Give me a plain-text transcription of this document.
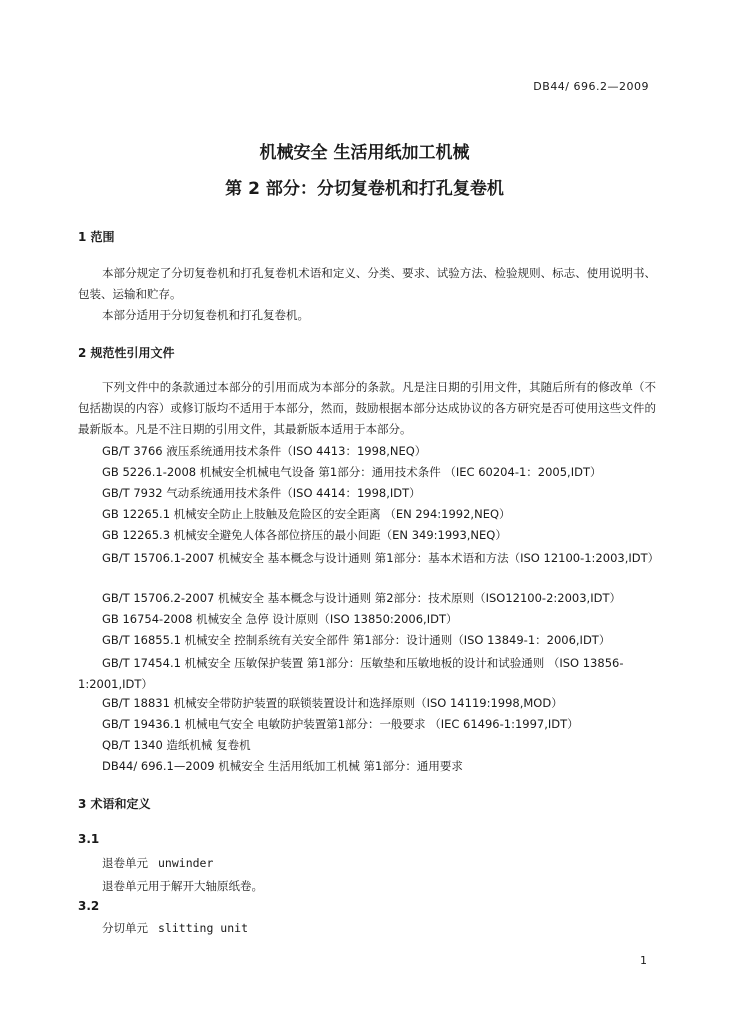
DB44/ 696.2—2009
机械安全 生活用纸加工机械
第 2 部分：分切复卷机和打孔复卷机
1 范围
本部分规定了分切复卷机和打孔复卷机术语和定义、分类、要求、试验方法、检验规则、标志、使用说明书、包装、运输和贮存。
本部分适用于分切复卷机和打孔复卷机。
2 规范性引用文件
下列文件中的条款通过本部分的引用而成为本部分的条款。凡是注日期的引用文件，其随后所有的修改单（不包括勘误的内容）或修订版均不适用于本部分，然而，鼓励根据本部分达成协议的各方研究是否可使用这些文件的最新版本。凡是不注日期的引用文件，其最新版本适用于本部分。
GB/T 3766 液压系统通用技术条件（ISO 4413：1998,NEQ）
GB 5226.1-2008 机械安全机械电气设备 第1部分：通用技术条件 （IEC 60204-1：2005,IDT）
GB/T 7932 气动系统通用技术条件（ISO 4414：1998,IDT）
GB 12265.1 机械安全防止上肢触及危险区的安全距离 （EN 294:1992,NEQ）
GB 12265.3 机械安全避免人体各部位挤压的最小间距（EN 349:1993,NEQ）
GB/T 15706.1-2007 机械安全 基本概念与设计通则 第1部分：基本术语和方法（ISO 12100-1:2003,IDT）
GB/T 15706.2-2007 机械安全 基本概念与设计通则 第2部分：技术原则（ISO12100-2:2003,IDT）
GB 16754-2008 机械安全 急停 设计原则（ISO 13850:2006,IDT）
GB/T 16855.1 机械安全 控制系统有关安全部件 第1部分：设计通则（ISO 13849-1：2006,IDT）
GB/T 17454.1 机械安全 压敏保护装置 第1部分：压敏垫和压敏地板的设计和试验通则 （ISO 13856-1:2001,IDT）
GB/T 18831 机械安全带防护装置的联锁装置设计和选择原则（ISO 14119:1998,MOD）
GB/T 19436.1 机械电气安全 电敏防护装置第1部分：一般要求 （IEC 61496-1:1997,IDT）
QB/T 1340 造纸机械 复卷机
DB44/ 696.1—2009 机械安全 生活用纸加工机械 第1部分：通用要求
3 术语和定义
3.1
退卷单元 unwinder
退卷单元用于解开大轴原纸卷。
3.2
分切单元 slitting unit
1
